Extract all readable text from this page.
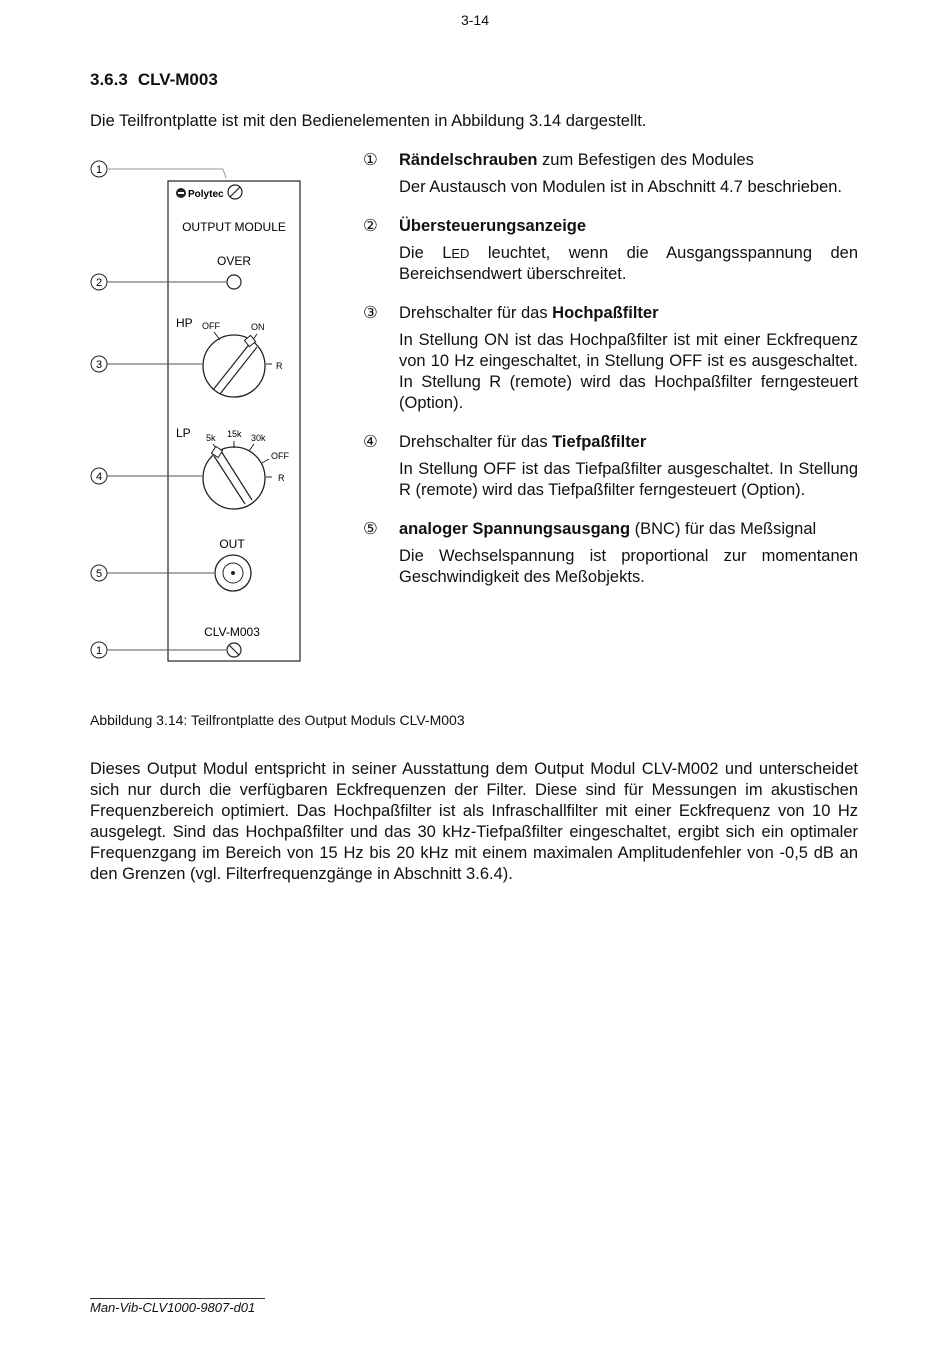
3-14
3.6.3 CLV-M003
Die Teilfrontplatte ist mit den Bedienelementen in Abbildung 3.14 dargestellt.
1
2
3
4
5
1
Polytec
OUTPUT MODULE
OVER
HP OFF	ON
R
LP 5k 15k 30k
OFF
R
OUT
CLV-M003
①	Rändelschrauben zum Befestigen des Modules
Der Austausch von Modulen ist in Abschnitt 4.7 beschrieben.
②	Übersteuerungsanzeige
Die LED leuchtet, wenn die Ausgangsspannung den Bereichsendwert überschreitet.
③	Drehschalter für das Hochpaßfilter
In Stellung ON ist das Hochpaßfilter ist mit einer Eckfrequenz von 10 Hz eingeschaltet, in Stellung OFF ist es ausgeschaltet. In Stellung R (remote) wird das Hochpaßfilter ferngesteuert (Option).
④	Drehschalter für das Tiefpaßfilter
In Stellung OFF ist das Tiefpaßfilter ausgeschaltet. In Stellung R (remote) wird das Tiefpaßfilter ferngesteuert (Option).
⑤	analoger Spannungsausgang (BNC) für das Meßsignal
Die Wechselspannung ist proportional zur momentanen Geschwindigkeit des Meßobjekts.
Abbildung 3.14: Teilfrontplatte des Output Moduls CLV-M003
Dieses Output Modul entspricht in seiner Ausstattung dem Output Modul CLV-M002 und unterscheidet sich nur durch die verfügbaren Eckfrequenzen der Filter. Diese sind für Messungen im akustischen Frequenzbereich optimiert. Das Hochpaßfilter ist als Infraschallfilter mit einer Eckfrequenz von 10 Hz ausgelegt. Sind das Hochpaßfilter und das 30 kHz-Tiefpaßfilter eingeschaltet, ergibt sich ein optimaler Frequenzgang im Bereich von 15 Hz bis 20 kHz mit einem maximalen Amplitudenfehler von -0,5 dB an den Grenzen (vgl. Filterfrequenzgänge in Abschnitt 3.6.4).
Man-Vib-CLV1000-9807-d01
